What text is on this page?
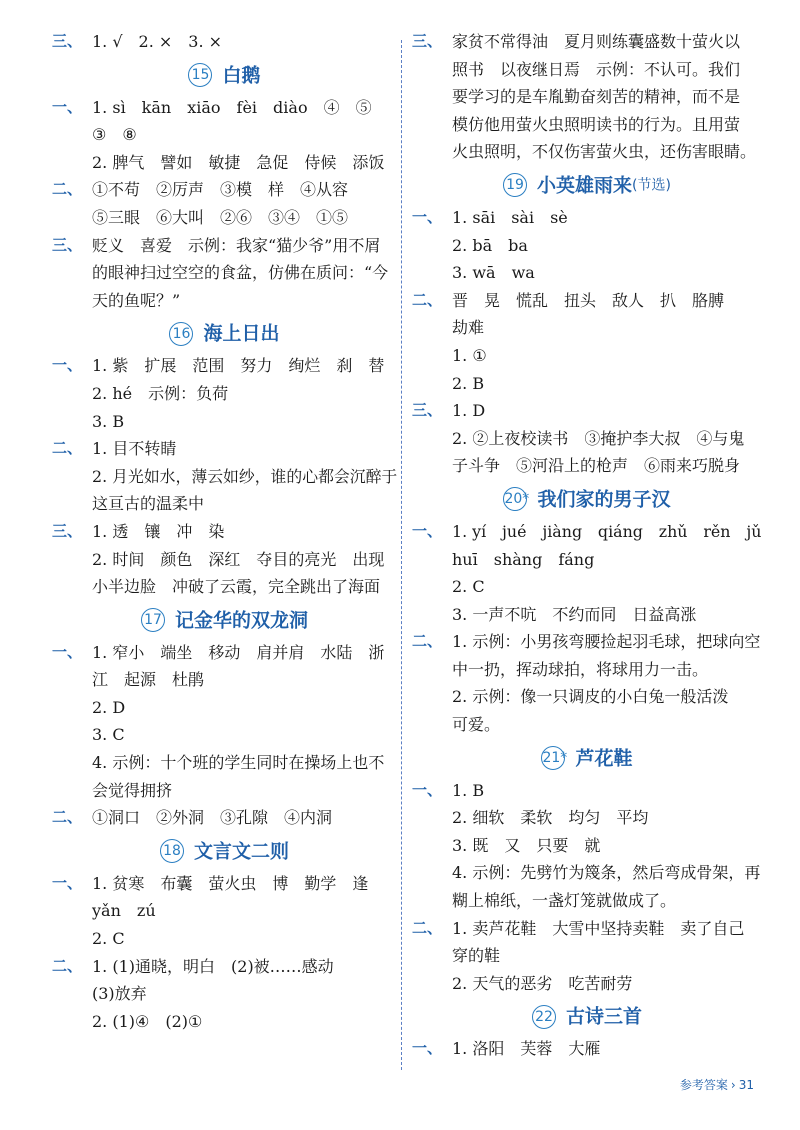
三、 1. √　2. ×　3. ×
15 白鹅
一、 1. sì　kān　xiāo　fèi　diào　④　⑤
③　⑧
2. 脾气　譬如　敏捷　急促　侍候　添饭
二、 ①不苟　②厉声　③模　样　④从容
⑤三眼　⑥大叫　②⑥　③④　①⑤
三、 贬义　喜爱　示例：我家“猫少爷”用不屑
的眼神扫过空空的食盆，仿佛在质问：“今
天的鱼呢？”
16 海上日出
一、 1. 紫　扩展　范围　努力　绚烂　刹　替
2. hé　示例：负荷
3. B
二、 1. 目不转睛
2. 月光如水，薄云如纱，谁的心都会沉醉于
这亘古的温柔中
三、 1. 透　镶　冲　染
2. 时间　颜色　深红　夺目的亮光　出现
小半边脸　冲破了云霞，完全跳出了海面
17 记金华的双龙洞
一、 1. 窄小　端坐　移动　肩并肩　水陆　浙
江　起源　杜鹃
2. D
3. C
4. 示例：十个班的学生同时在操场上也不
会觉得拥挤
二、 ①洞口　②外洞　③孔隙　④内洞
18 文言文二则
一、 1. 贫寒　布囊　萤火虫　博　勤学　逢
yǎn　zú
2. C
二、 1. (1)通晓，明白　(2)被……感动
(3)放弃
2. (1)④　(2)①
三、 家贫不常得油　夏月则练囊盛数十萤火以
照书　以夜继日焉　示例：不认可。我们
要学习的是车胤勤奋刻苦的精神，而不是
模仿他用萤火虫照明读书的行为。且用萤
火虫照明，不仅伤害萤火虫，还伤害眼睛。
19 小英雄雨来(节选)
一、 1. sāi　sài　sè
2. bā　ba
3. wā　wa
二、 晋　晃　慌乱　扭头　敌人　扒　胳膊
劫难
1. ①
2. B
三、 1. D
2. ②上夜校读书　③掩护李大叔　④与鬼
子斗争　⑤河沿上的枪声　⑥雨来巧脱身
20* 我们家的男子汉
一、 1. yí　jué　jiàng　qiáng　zhǔ　rěn　jǔ
huī　shàng　fáng
2. C
3. 一声不吭　不约而同　日益高涨
二、 1. 示例：小男孩弯腰捡起羽毛球，把球向空
中一扔，挥动球拍，将球用力一击。
2. 示例：像一只调皮的小白兔一般活泼
可爱。
21* 芦花鞋
一、 1. B
2. 细软　柔软　均匀　平均
3. 既　又　只要　就
4. 示例：先劈竹为篾条，然后弯成骨架，再
糊上棉纸，一盏灯笼就做成了。
二、 1. 卖芦花鞋　大雪中坚持卖鞋　卖了自己
穿的鞋
2. 天气的恶劣　吃苦耐劳
22 古诗三首
一、 1. 洛阳　芙蓉　大雁
参考答案 › 31
